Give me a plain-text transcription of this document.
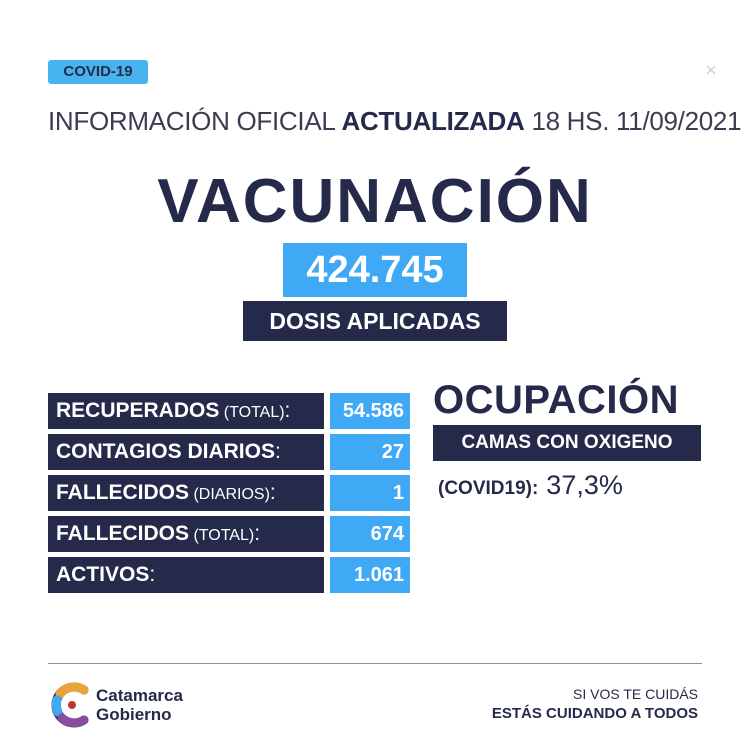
COVID-19
INFORMACIÓN OFICIAL ACTUALIZADA 18 HS. 11/09/2021
VACUNACIÓN
424.745
DOSIS APLICADAS
RECUPERADOS (TOTAL):	54.586
CONTAGIOS DIARIOS:	27
FALLECIDOS (DIARIOS):	1
FALLECIDOS (TOTAL):	674
ACTIVOS:	1.061
OCUPACIÓN
CAMAS CON OXIGENO
(COVID19): 37,3%
Catamarca
Gobierno
SI VOS TE CUIDÁS
ESTÁS CUIDANDO A TODOS
